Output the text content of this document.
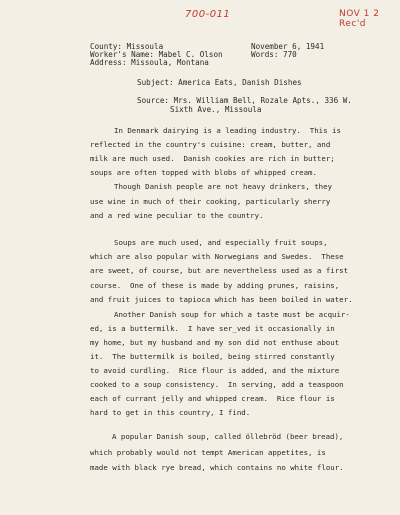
700-011	NOV 1 2 Rec'd
County: Missoula	November 6, 1941
Worker's Name: Mabel C. Olson	Words: 770
Address: Missoula, Montana
Subject: America Eats, Danish Dishes
Source: Mrs. William Bell, Rozale Apts., 336 W.
Sixth Ave., Missoula
In Denmark dairying is a leading industry.  This is
reflected in the country's cuisine: cream, butter, and
milk are much used.  Danish cookies are rich in butter;
soups are often topped with blobs of whipped cream.
Though Danish people are not heavy drinkers, they
use wine in much of their cooking, particularly sherry
and a red wine peculiar to the country.
Soups are much used, and especially fruit soups,
which are also popular with Norwegians and Swedes.  These
are sweet, of course, but are nevertheless used as a first
course.  One of these is made by adding prunes, raisins,
and fruit juices to tapioca which has been boiled in water.
Another Danish soup for which a taste must be acquir-
ed, is a buttermilk.  I have ser_ved it occasionally in
my home, but my husband and my son did not enthuse about
it.  The buttermilk is boiled, being stirred constantly
to avoid curdling.  Rice flour is added, and the mixture
cooked to a soup consistency.  In serving, add a teaspoon
each of currant jelly and whipped cream.  Rice flour is
hard to get in this country, I find.
A popular Danish soup, called öllebröd (beer bread),
which probably would not tempt American appetites, is
made with black rye bread, which contains no white flour.
